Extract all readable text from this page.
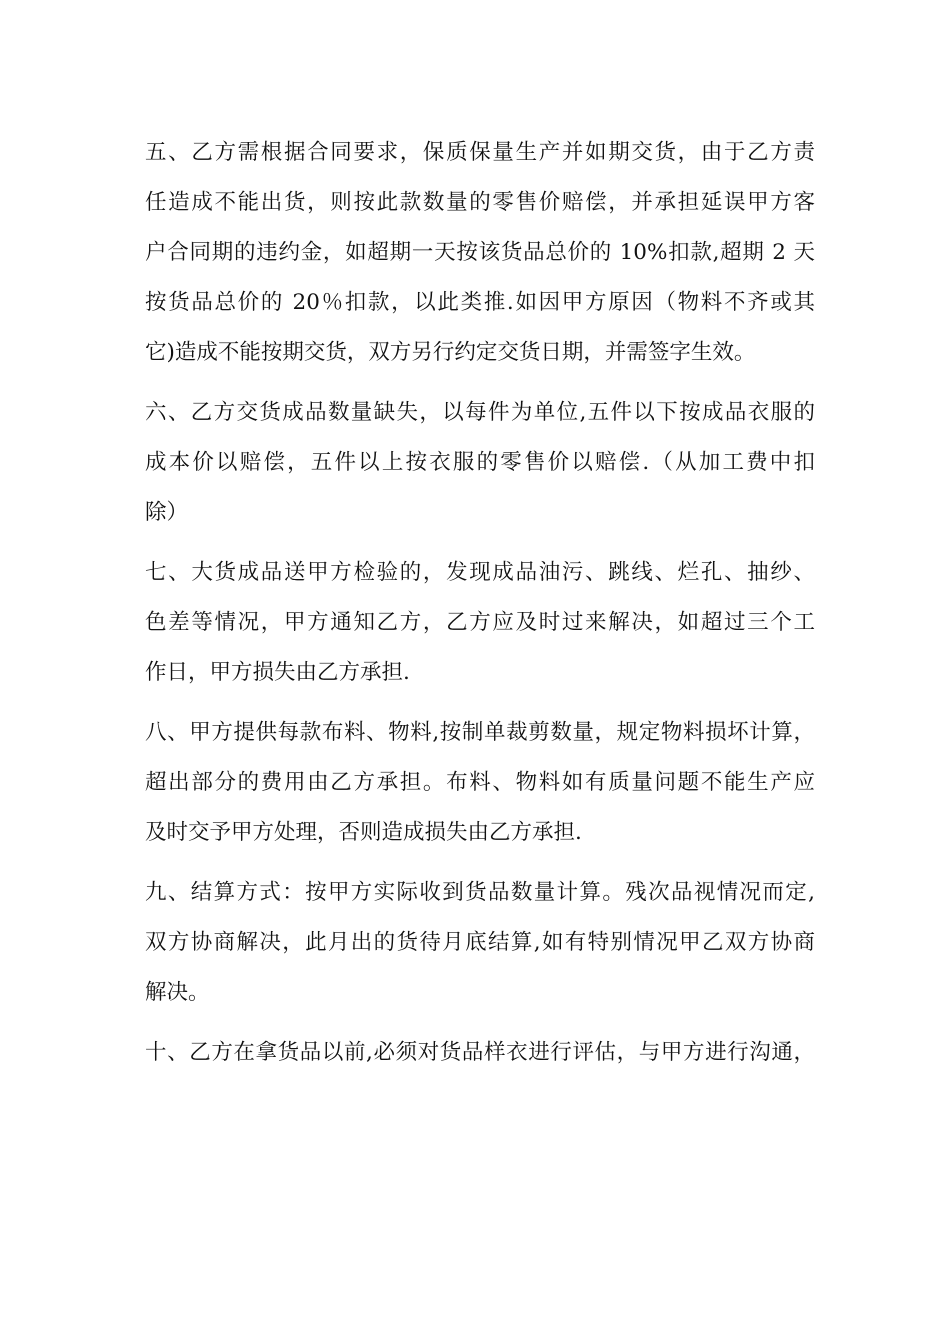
五、乙方需根据合同要求，保质保量生产并如期交货，由于乙方责
任造成不能出货，则按此款数量的零售价赔偿，并承担延误甲方客
户合同期的违约金，如超期一天按该货品总价的 10%扣款,超期 2 天
按货品总价的 20％扣款，以此类推.如因甲方原因（物料不齐或其
它)造成不能按期交货，双方另行约定交货日期，并需签字生效。
六、乙方交货成品数量缺失，以每件为单位,五件以下按成品衣服的
成本价以赔偿，五件以上按衣服的零售价以赔偿.（从加工费中扣
除）
七、大货成品送甲方检验的，发现成品油污、跳线、烂孔、抽纱、
色差等情况，甲方通知乙方，乙方应及时过来解决，如超过三个工
作日，甲方损失由乙方承担.
八、甲方提供每款布料、物料,按制单裁剪数量，规定物料损坏计算，
超出部分的费用由乙方承担。布料、物料如有质量问题不能生产应
及时交予甲方处理，否则造成损失由乙方承担.
九、结算方式：按甲方实际收到货品数量计算。残次品视情况而定,
双方协商解决，此月出的货待月底结算,如有特别情况甲乙双方协商
解决。
十、乙方在拿货品以前,必须对货品样衣进行评估，与甲方进行沟通，
